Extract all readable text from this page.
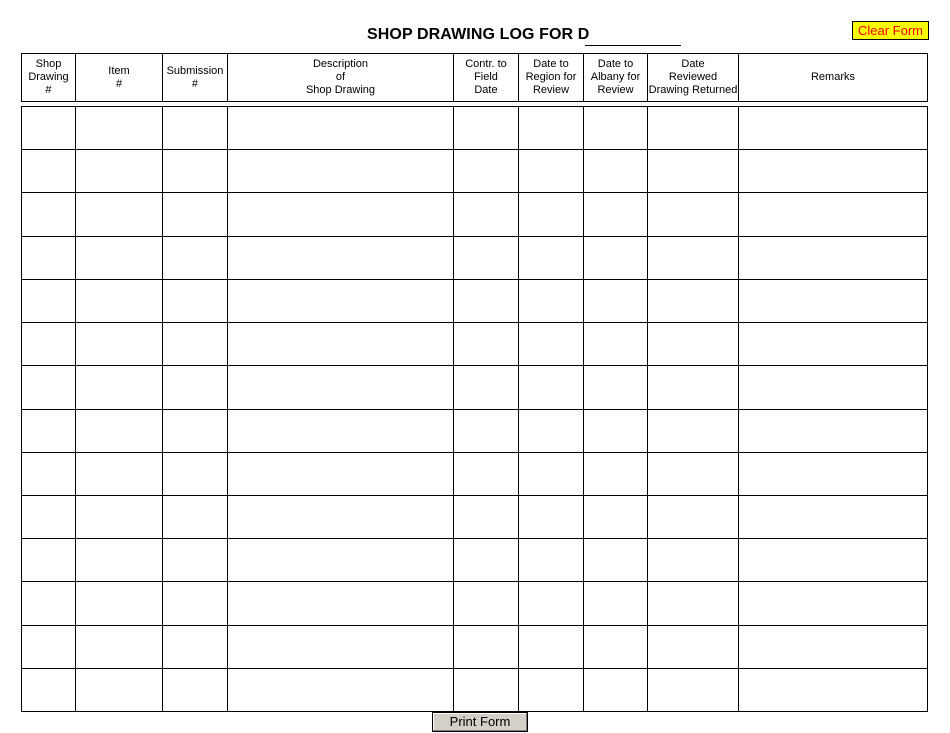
SHOP DRAWING LOG FOR D	Clear Form
Shop
Drawing
#
Item
#
Submission
#
Description
of
Shop Drawing
Contr. to
Field
Date
Date to
Region for
Review
Date to
Albany for
Review
Date
Reviewed
Drawing Returned
Remarks
Print Form
